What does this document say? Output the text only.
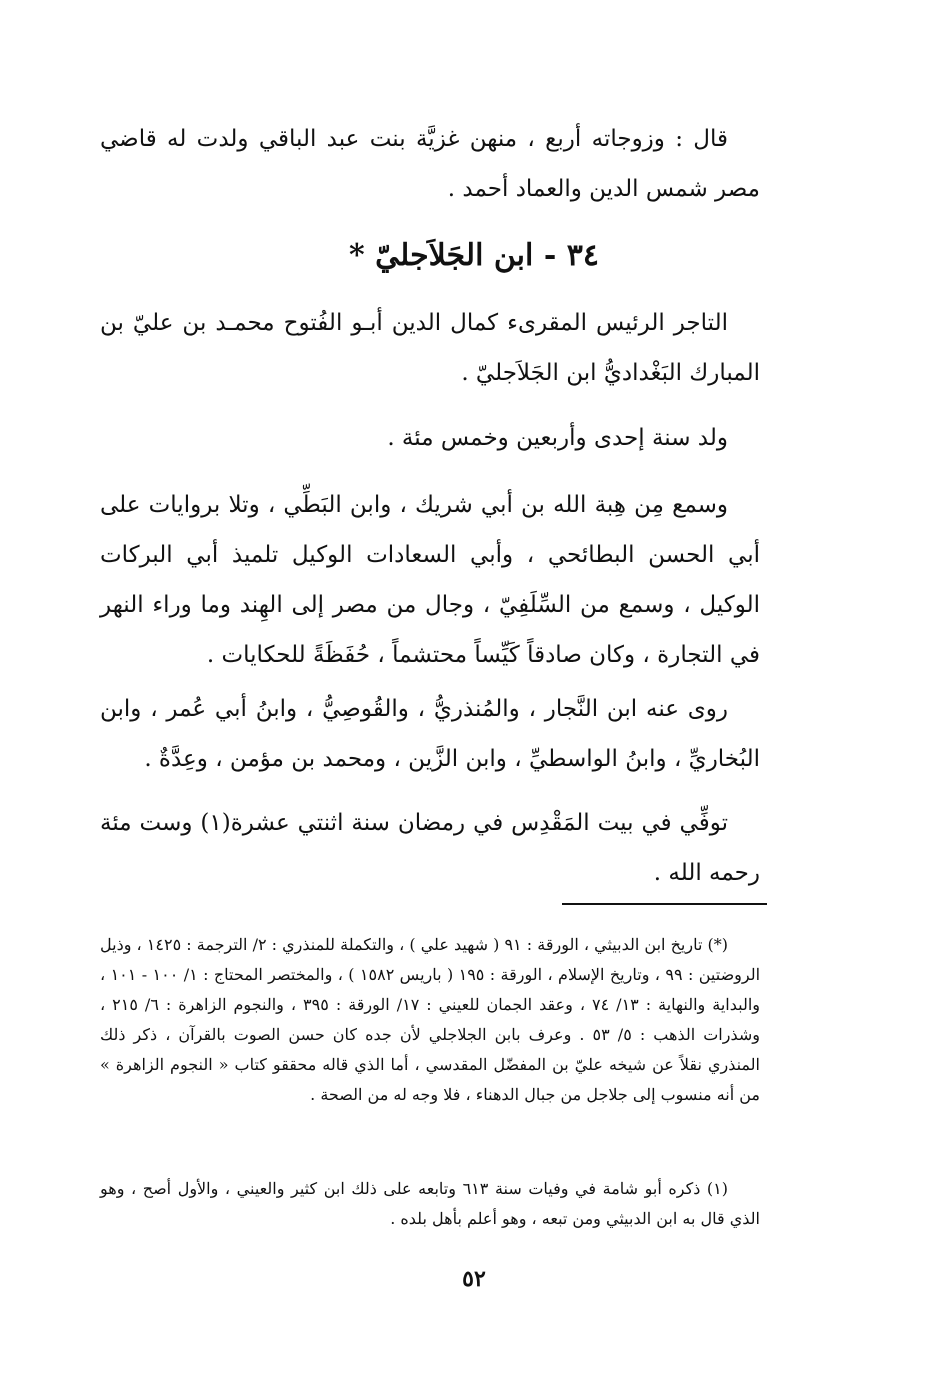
قال : وزوجاته أربع ، منهن غزيَّة بنت عبد الباقي ولدت له قاضي مصر شمس الدين والعماد أحمد .

٣٤ - ابن الجَلاَجليّ *

التاجر الرئيس المقرىء كمال الدين أبـو الفُتوح محمـد بن عليّ بن المبارك البَغْداديُّ ابن الجَلاَجليّ .

ولد سنة إحدى وأربعين وخمس مئة .

وسمع مِن هِبة الله بن أبي شريك ، وابن البَطِّي ، وتلا بروايات على أبي الحسن البطائحي ، وأبي السعادات الوكيل تلميذ أبي البركات الوكيل ، وسمع من السِّلَفِيّ ، وجال من مصر إلى الهِند وما وراء النهر في التجارة ، وكان صادقاً كَيِّساً محتشماً ، حُفَظَةً للحكايات .

روى عنه ابن النَّجار ، والمُنذريُّ ، والقُوصِيُّ ، وابنُ أبي عُمر ، وابن البُخاريِّ ، وابنُ الواسطيِّ ، وابن الزَّين ، ومحمد بن مؤمن ، وعِدَّةٌ .

توفِّي في بيت المَقْدِس في رمضان سنة اثنتي عشرة(١) وست مئة رحمه الله .

(*) تاريخ ابن الدبيثي ، الورقة : ٩١ ( شهيد علي ) ، والتكملة للمنذري : ٢/ الترجمة : ١٤٢٥ ، وذيل الروضتين : ٩٩ ، وتاريخ الإسلام ، الورقة : ١٩٥ ( باريس ١٥٨٢ ) ، والمختصر المحتاج : ١/ ١٠٠ - ١٠١ ، والبداية والنهاية : ١٣/ ٧٤ ، وعقد الجمان للعيني : ١٧/ الورقة : ٣٩٥ ، والنجوم الزاهرة : ٦/ ٢١٥ ، وشذرات الذهب : ٥/ ٥٣ . وعرف بابن الجلاجلي لأن جده كان حسن الصوت بالقرآن ، ذكر ذلك المنذري نقلاً عن شيخه عليّ بن المفضّل المقدسي ، أما الذي قاله محققو كتاب « النجوم الزاهرة » من أنه منسوب إلى جلاجل من جبال الدهناء ، فلا وجه له من الصحة .

(١) ذكره أبو شامة في وفيات سنة ٦١٣ وتابعه على ذلك ابن كثير والعيني ، والأول أصح ، وهو الذي قال به ابن الدبيثي ومن تبعه ، وهو أعلم بأهل بلده .

٥٢
